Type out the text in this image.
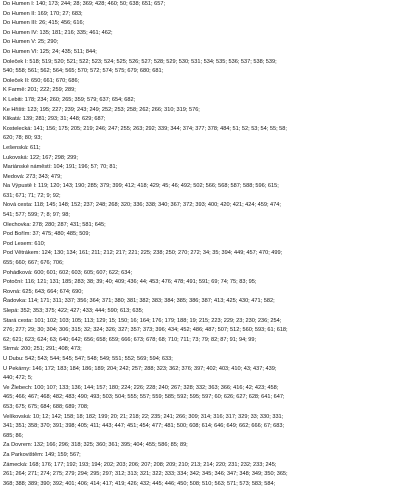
Do Humen I: 140; 173; 244; 28; 369; 428; 460; 50; 638; 651; 657;
Do Humen II: 169; 170; 27; 683;
Do Humen III: 26; 415; 456; 616;
Do Humen IV: 135; 181; 216; 335; 461; 462;
Do Humen V: 25; 290;
Do Humen VI: 125; 24; 435; 511; 844;
Doleček I: 518; 519; 520; 521; 522; 523; 524; 525; 526; 527; 528; 529; 530; 531; 534; 535; 536; 537; 538; 539;
540; 558; 561; 562; 564; 565; 570; 572; 574; 575; 679; 680; 681;
Doleček II: 650; 661; 670; 686;
K Farmě: 201; 222; 259; 289;
K Lebiti: 178; 234; 260; 265; 359; 579; 637; 654; 682;
Ke Hřišti: 123; 195; 227; 239; 243; 249; 252; 253; 258; 262; 266; 310; 319; 576;
Klikatá: 139; 281; 293; 31; 448; 629; 687;
Kostelecká: 141; 156; 175; 205; 219; 246; 247; 255; 263; 292; 339; 344; 374; 377; 378; 484; 51; 52; 53; 54; 55; 58;
620; 78; 80; 93;
Lešenská: 611;
Lukovská: 122; 167; 298; 299;
Mariánské náměstí: 104; 191; 196; 57; 70; 81;
Medová: 273; 343; 479;
Na Výpustě I: 119; 120; 143; 190; 285; 379; 399; 412; 418; 429; 45; 46; 492; 502; 566; 568; 587; 588; 596; 615;
631; 671; 71; 72; 9; 92;
Nová cesta: 118; 145; 148; 152; 237; 248; 268; 320; 336; 338; 340; 367; 372; 393; 400; 420; 421; 424; 459; 474;
541; 577; 599; 7; 8; 97; 98;
Olechovka: 278; 280; 287; 431; 581; 645;
Pod Bořím: 37; 475; 480; 485; 509;
Pod Lesem: 610;
Pod Větrákem: 124; 130; 134; 161; 211; 212; 217; 221; 225; 238; 250; 270; 272; 34; 35; 394; 449; 457; 470; 499;
655; 660; 667; 676; 706;
Pohádková: 600; 601; 602; 603; 605; 607; 622; 634;
Potoční: 116; 121; 131; 185; 283; 38; 39; 40; 409; 436; 44; 453; 476; 478; 491; 591; 69; 74; 75; 83; 95;
Rovná: 625; 643; 664; 674; 690;
Řadovka: 114; 171; 311; 337; 356; 364; 371; 380; 381; 382; 383; 384; 385; 386; 387; 413; 425; 430; 471; 582;
Slepá: 352; 353; 375; 422; 427; 433; 444; 590; 613; 635;
Stará cesta: 101; 102; 103; 105; 113; 129; 15; 150; 16; 164; 176; 179; 188; 19; 215; 223; 229; 23; 230; 236; 254;
276; 277; 29; 30; 304; 306; 315; 32; 324; 326; 327; 357; 373; 396; 434; 452; 486; 487; 507; 512; 560; 593; 61; 618;
62; 621; 623; 624; 63; 640; 642; 656; 658; 659; 666; 673; 678; 68; 710; 711; 73; 79; 82; 87; 91; 94; 99;
Strmá: 200; 251; 291; 408; 473;
U Dubu: 542; 543; 544; 545; 547; 548; 549; 551; 552; 569; 594; 633;
U Pekárny: 146; 172; 183; 184; 186; 189; 204; 242; 257; 288; 323; 362; 376; 397; 402; 403; 410; 43; 437; 439;
440; 472; 5;
Ve Žlebech: 100; 107; 133; 136; 144; 157; 180; 224; 226; 228; 240; 267; 328; 332; 363; 366; 416; 42; 423; 458;
465; 466; 467; 468; 482; 483; 490; 493; 503; 504; 555; 557; 559; 585; 592; 595; 597; 60; 626; 627; 628; 641; 647;
653; 675; 675; 684; 688; 689; 708;
Velíkovská: 10; 12; 142; 158; 18; 182; 199; 20; 21; 218; 22; 235; 241; 266; 309; 314; 316; 317; 329; 33; 330; 331;
341; 351; 358; 370; 391; 398; 405; 411; 443; 447; 451; 454; 477; 481; 500; 608; 614; 646; 649; 662; 666; 67; 683;
685; 86;
Za Dovrem: 132; 166; 296; 318; 325; 360; 361; 395; 404; 455; 586; 85; 89;
Za Parkovištěm: 149; 159; 567;
Zámecká: 168; 176; 177; 192; 193; 194; 202; 203; 206; 207; 208; 209; 210; 213; 214; 220; 231; 232; 233; 245;
261; 264; 271; 274; 275; 279; 294; 295; 297; 312; 313; 321; 322; 333; 334; 342; 345; 346; 347; 348; 349; 350; 365;
368; 388; 389; 390; 392; 401; 406; 414; 417; 419; 426; 432; 445; 446; 450; 508; 510; 563; 571; 573; 583; 584;
